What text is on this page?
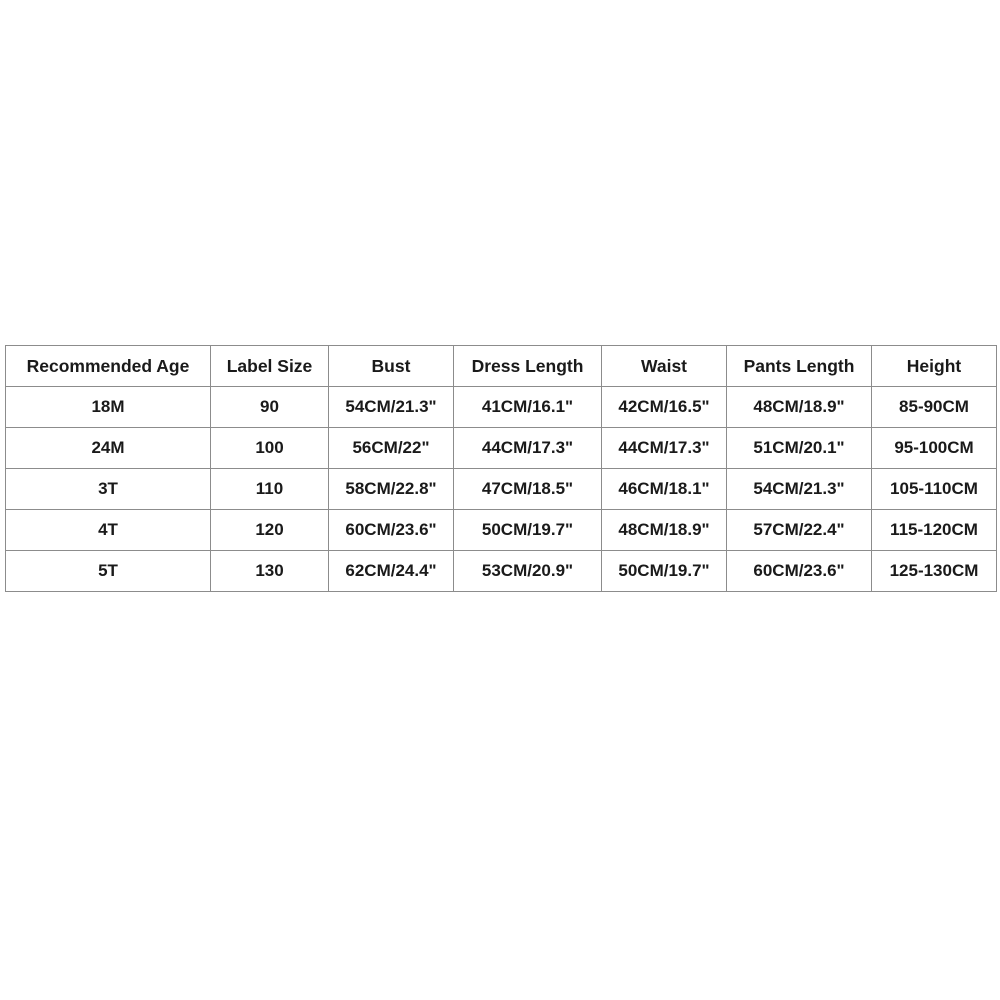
Recommended Age	Label Size	Bust	Dress Length	Waist	Pants Length	Height
18M	90	54CM/21.3"	41CM/16.1"	42CM/16.5"	48CM/18.9"	85-90CM
24M	100	56CM/22"	44CM/17.3"	44CM/17.3"	51CM/20.1"	95-100CM
3T	110	58CM/22.8"	47CM/18.5"	46CM/18.1"	54CM/21.3"	105-110CM
4T	120	60CM/23.6"	50CM/19.7"	48CM/18.9"	57CM/22.4"	115-120CM
5T	130	62CM/24.4"	53CM/20.9"	50CM/19.7"	60CM/23.6"	125-130CM
